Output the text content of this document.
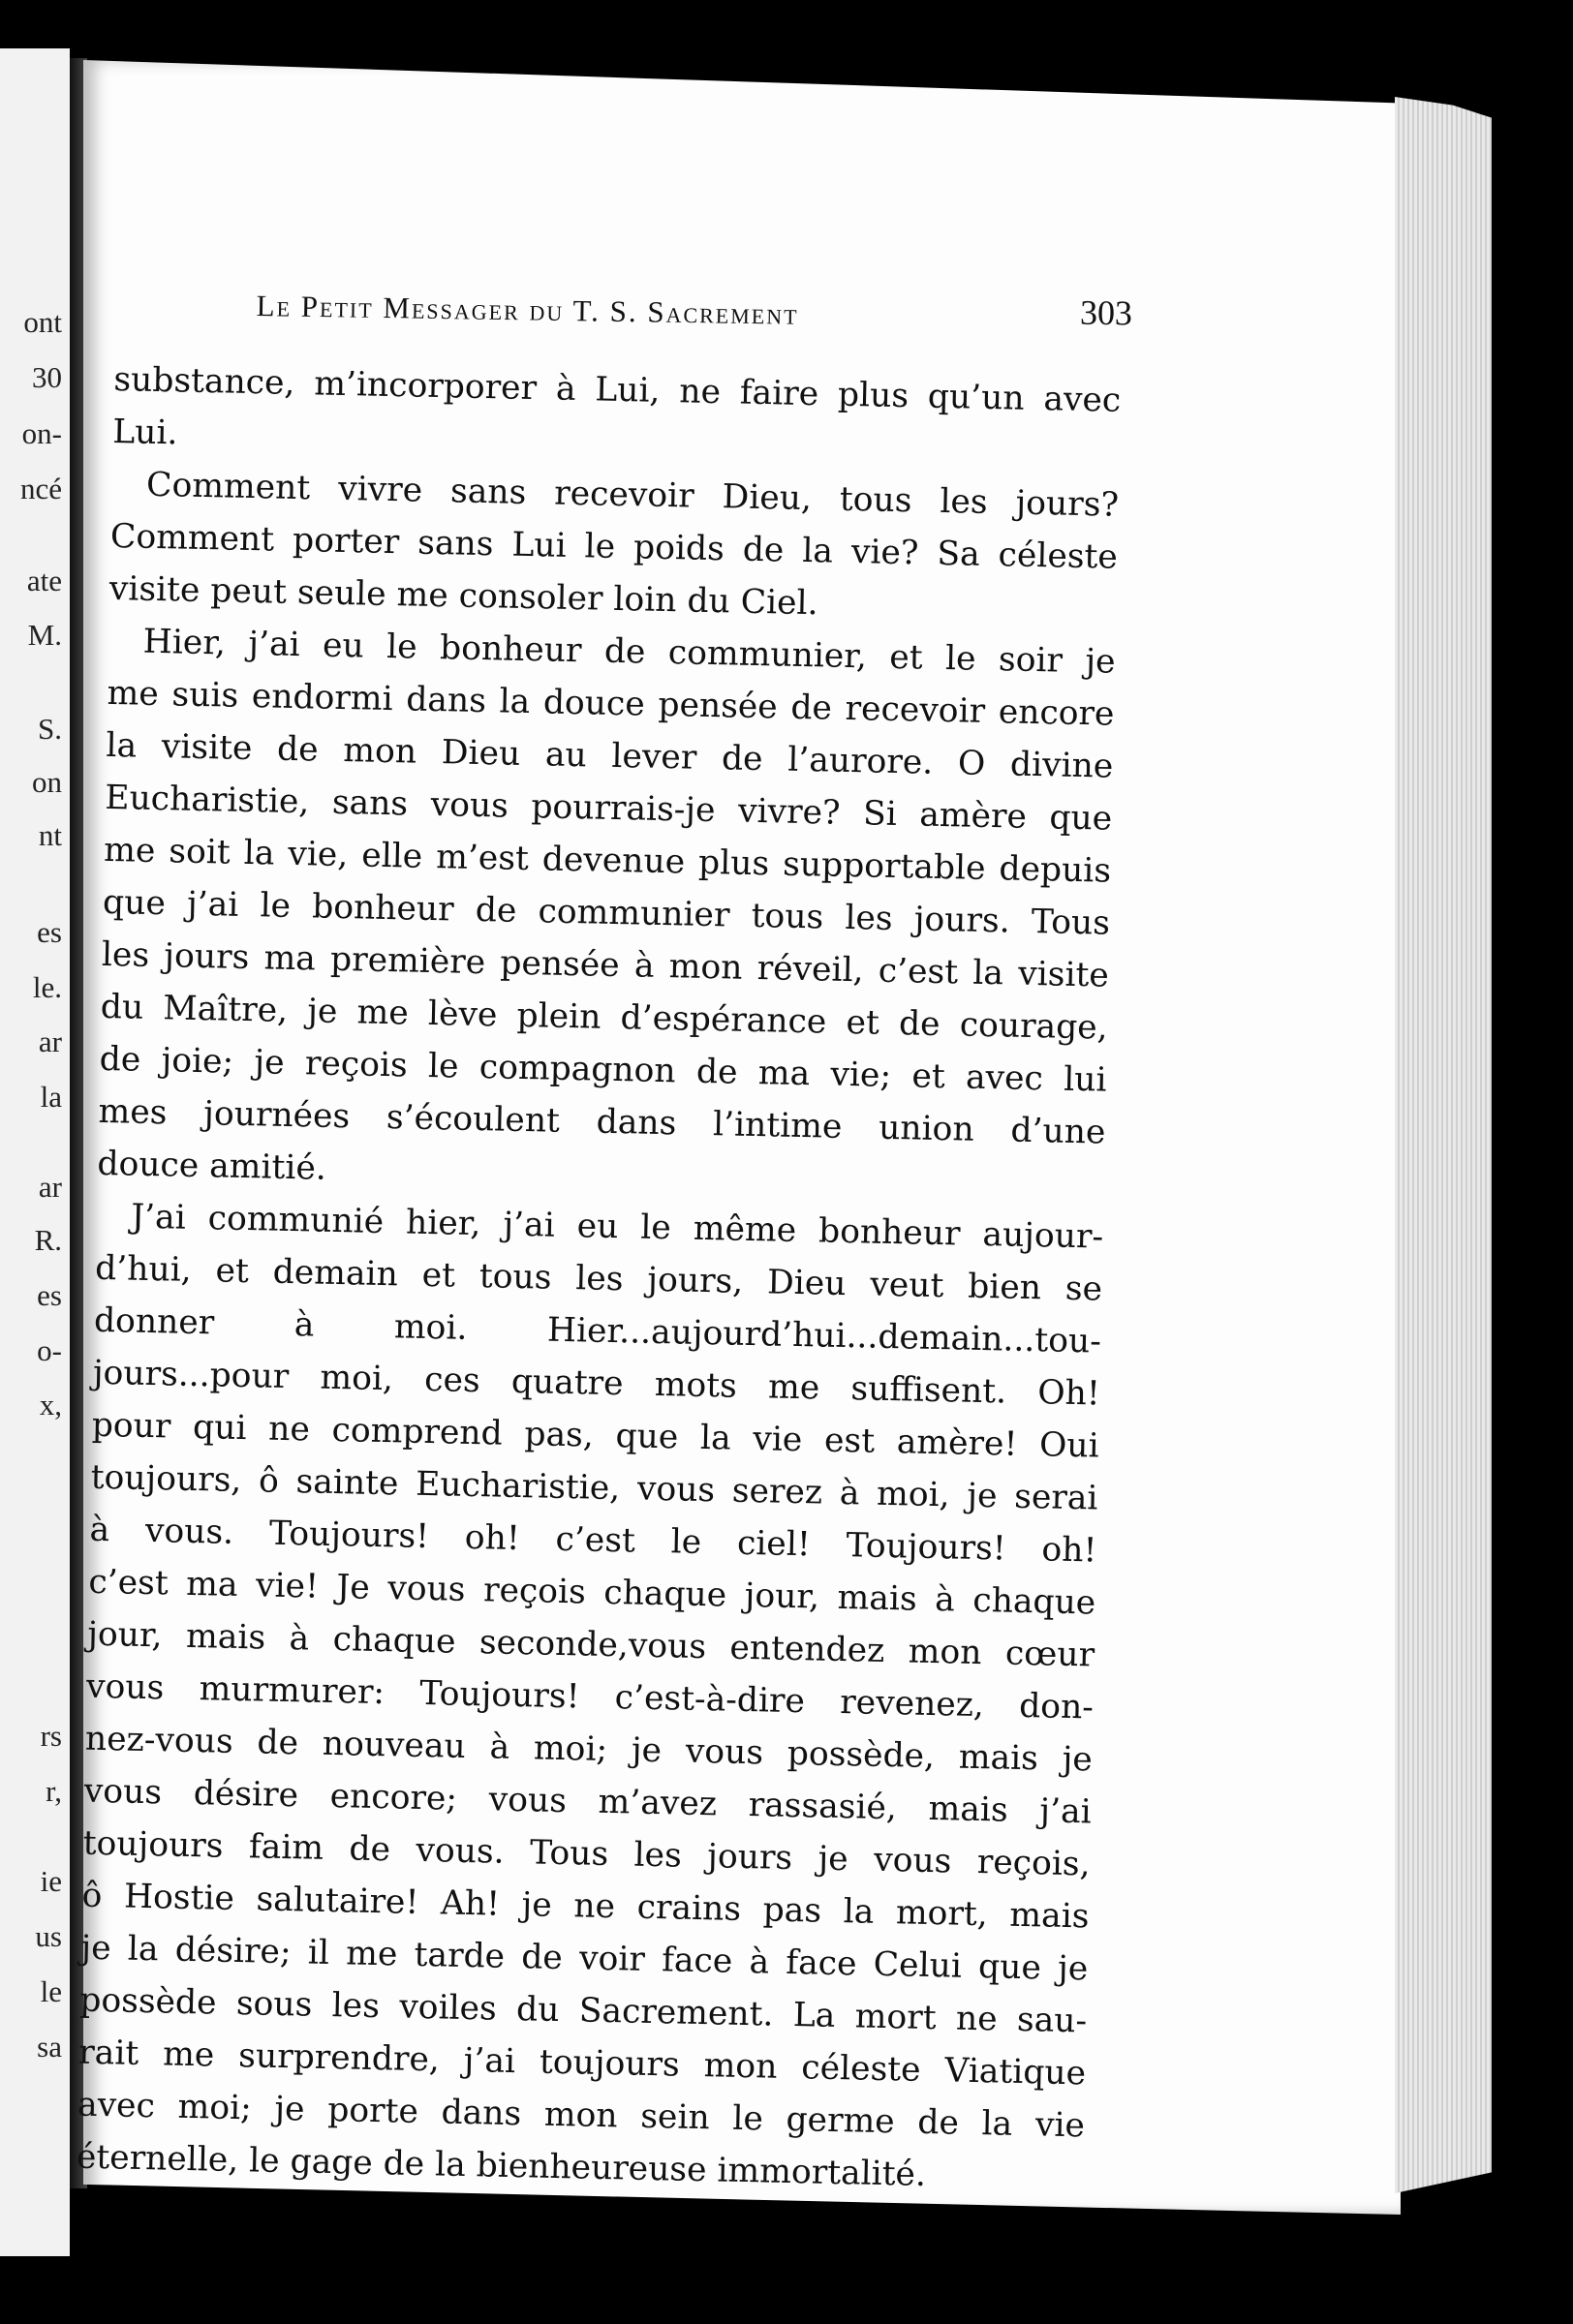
ont
30
on-
ncé
ate
M.
S.
on
nt
es
le.
ar
la
ar
R.
es
o-
x,
rs
r,
ie
us
le
sa
Le Petit Messager du T. S. Sacrement	303
substance, m’incorporer à Lui, ne faire plus qu’un avec
Lui.
Comment vivre sans recevoir Dieu, tous les jours?
Comment porter sans Lui le poids de la vie? Sa céleste
visite peut seule me consoler loin du Ciel.
Hier, j’ai eu le bonheur de communier, et le soir je
me suis endormi dans la douce pensée de recevoir encore
la visite de mon Dieu au lever de l’aurore. O divine
Eucharistie, sans vous pourrais-je vivre? Si amère que
me soit la vie, elle m’est devenue plus supportable depuis
que j’ai le bonheur de communier tous les jours. Tous
les jours ma première pensée à mon réveil, c’est la visite
du Maître, je me lève plein d’espérance et de courage,
de joie; je reçois le compagnon de ma vie; et avec lui
mes journées s’écoulent dans l’intime union d’une
douce amitié.
J’ai communié hier, j’ai eu le même bonheur aujour-
d’hui, et demain et tous les jours, Dieu veut bien se
donner à moi. Hier...aujourd’hui...demain...tou-
jours...pour moi, ces quatre mots me suffisent. Oh!
pour qui ne comprend pas, que la vie est amère! Oui
toujours, ô sainte Eucharistie, vous serez à moi, je serai
à vous. Toujours! oh! c’est le ciel! Toujours! oh!
c’est ma vie! Je vous reçois chaque jour, mais à chaque
jour, mais à chaque seconde,vous entendez mon cœur
vous murmurer: Toujours! c’est-à-dire revenez, don-
nez-vous de nouveau à moi; je vous possède, mais je
vous désire encore; vous m’avez rassasié, mais j’ai
toujours faim de vous. Tous les jours je vous reçois,
ô Hostie salutaire! Ah! je ne crains pas la mort, mais
je la désire; il me tarde de voir face à face Celui que je
possède sous les voiles du Sacrement. La mort ne sau-
rait me surprendre, j’ai toujours mon céleste Viatique
avec moi; je porte dans mon sein le germe de la vie
éternelle, le gage de la bienheureuse immortalité.
